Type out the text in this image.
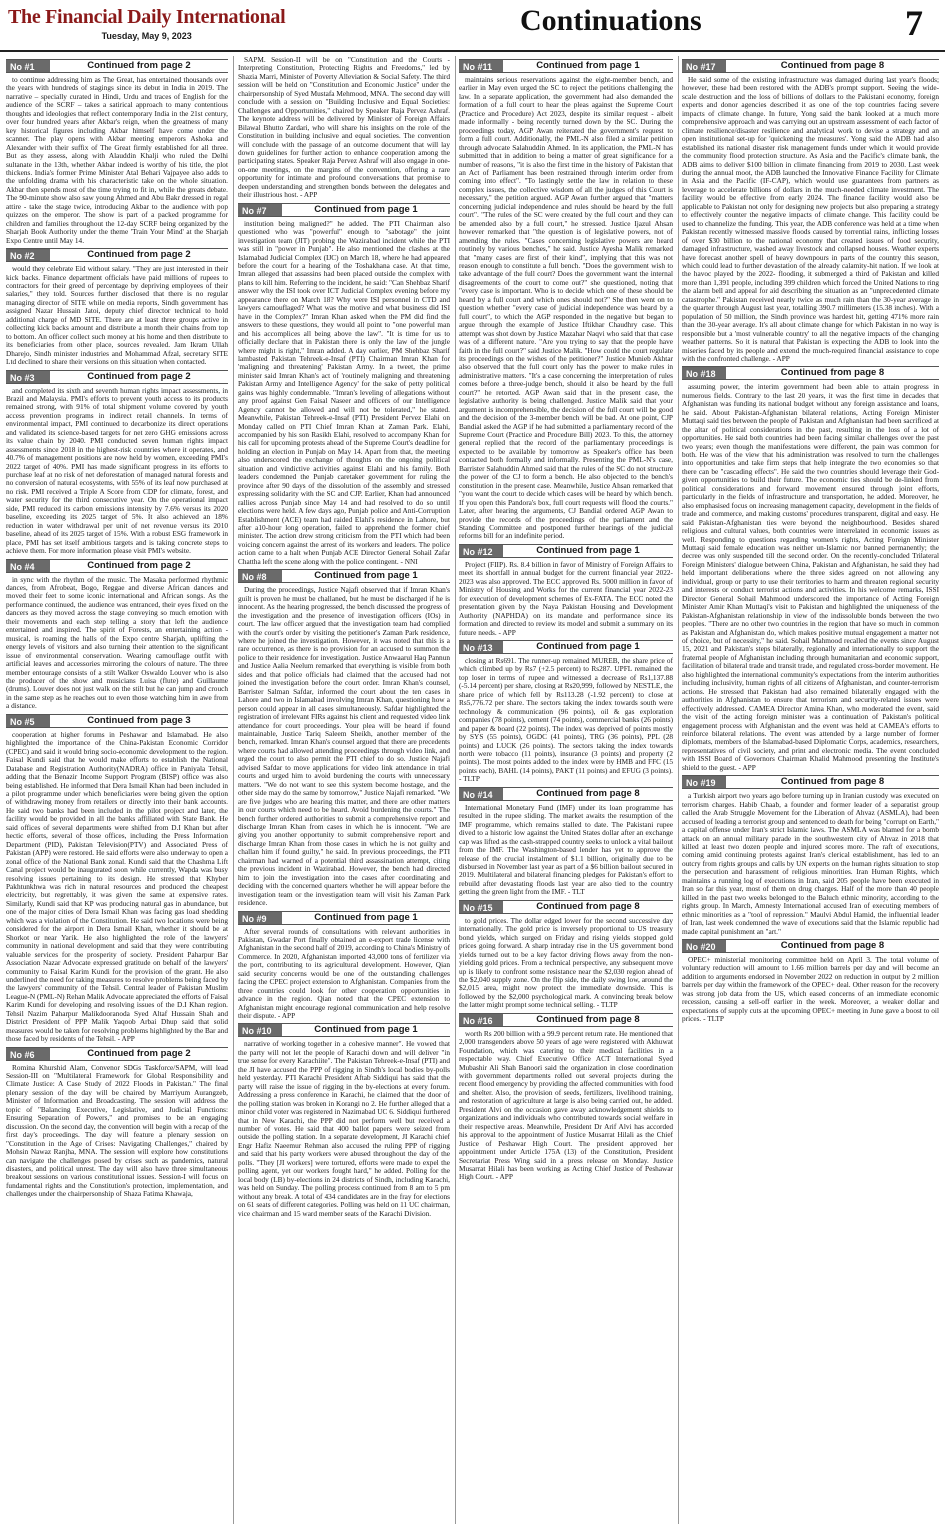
The Financial Daily International
Tuesday, May 9, 2023	Continuations	7
No #1	Continued from page 2

to continue addressing him as The Great, has entertained thousands over the years with hundreds of stagings since its debut in India in 2019. The narrative – specially curated in Hindi, Urdu and traces of English for the audience of the SCRF – takes a satirical approach to many contentious thoughts and ideologies that reflect contemporary India in the 21st century, over four hundred years after Akbar's reign, when the greatness of many key historical figures including Akbar himself have come under the scanner. The play opens with Akbar meeting emperors Ashoka and Alexander with their suffix of The Great firmly established for all three. But as they assess, along with Alauddin Khalji who ruled the Delhi sultanate in the 13th, whether Akbar indeed is worthy of his title, the plot thickens. India's former Prime Minister Atal Behari Vajpayee also adds to the unfolding drama with his characteristic take on the whole situation. Akbar then spends most of the time trying to fit in, while the greats debate. The 90-minute show also saw young Ahmed and Abu Bakr dressed in regal attire - take the stage twice, introducing Akbar to the audience with pop quizzes on the emperor. The show is part of a packed programme for children and families throughout the 12-day SCRF being organized by the Sharjah Book Authority under the theme 'Train Your Mind' at the Sharjah Expo Centre until May 14.

No #2	Continued from page 2

would they celebrate Eid without salary. "They are just interested in their kick backs. Finance department officials have paid millions of rupees to contractors for their greed of percentage by depriving employees of their salaries," they told. Sources further disclosed that there is no regular managing director of SITE while on media reports, Sindh government has assigned Nazar Hussain Jatoi, deputy chief director technical to hold additional charge of MD SITE. There are at least three groups active in collecting kick backs amount and distribute a month their chains from top to bottom. An officer collect such money at his home and then distribute to its beneficiaries from other place, sources revealed. Jam Ikram Ullah Dharejo, Sindh minister industries and Mohammad Afzal, secretary SITE Ltd declined to share their versions on this situation when contacted.

No #3	Continued from page 2

and completed its sixth and seventh human rights impact assessments, in Brazil and Malaysia. PMI's efforts to prevent youth access to its products remained strong, with 91% of total shipment volume covered by youth access prevention programs in indirect retail channels. In terms of environmental impact, PMI continued to decarbonize its direct operations and validated its science-based targets for net zero GHG emissions across its value chain by 2040. PMI conducted seven human rights impact assessments since 2018 in the highest-risk countries where it operates, and 40.7% of management positions are now held by women, exceeding PMI's 2022 target of 40%. PMI has made significant progress in its efforts to purchase leaf at no risk of net deforestation of managed natural forests and no conversion of natural ecosystems, with 55% of its leaf now purchased at no risk. PMI received a Triple A Score from CDP for climate, forest, and water security for the third consecutive year. On the operational impact side, PMI reduced its carbon emissions intensity by 7.6% versus its 2020 baseline, exceeding its 2025 target of 5%. It also achieved an 18% reduction in water withdrawal per unit of net revenue versus its 2010 baseline, ahead of its 2025 target of 15%. With a robust ESG framework in place, PMI has set itself ambitious targets and is taking concrete steps to achieve them. For more information please visit PMI's website.

No #4	Continued from page 2

in sync with the rhythm of the music. The Masaka performed rhythmic dances, from Afrobeat, Bogo, Reggae and diverse African dances and moved their feet to some iconic international and African songs. As the performance continued, the audience was entranced, their eyes fixed on the dancers as they moved across the stage conveying so much emotion with their movements and each step telling a story that left the audience entertained and inspired. The spirit of Forests, an entertaining action - musical, is roaming the halls of the Expo centre Sharjah, uplifting the energy levels of visitors and also turning their attention to the significant issue of environmental conservation. Wearing camouflage outfit with artificial leaves and accessories mirroring the colours of nature. The three member entourage consists of a stilt Walker Oswaldo Louver who is also the producer of the show and musicians Luisa (flute) and Guillaume (drums). Louver does not just walk on the stilt but he can jump and crouch in the same step as he reaches out to even those watching him in awe from a distance.

No #5	Continued from page 3

cooperation at higher forums in Peshawar and Islamabad. He also highlighted the importance of the China-Pakistan Economic Corridor (CPEC) and said it would bring socio-economic development to the region. Faisal Kundi said that he would make efforts to establish the National Database and Registration Authority(NADRA) office in Paniyala Tehsil, adding that the Benazir Income Support Program (BISP) office was also being established. He informed that Dera Ismail Khan had been included in a pilot programme under which beneficiaries were being given the option of withdrawing money from retailers or directly into their bank accounts. He said two banks had been included in the pilot project and later, the facility would be provided in all the banks affiliated with State Bank. He said offices of several departments were shifted from D.I Khan but after hectic efforts, several of those offices, including the Press Information Department (PID), Pakistan Television(PTV) and Associated Press of Pakistan (APP) were restored. He said efforts were also underway to open a zonal office of the National Bank zonal. Kundi said that the Chashma Lift Canal project would be inaugurated soon while currently, Wapda was busy resolving issues pertaining to its design. He stressed that Khyber Pakhtunkhwa was rich in natural resources and produced the cheapest electricity, but regrettably, it was given the same at expensive rates. Similarly, Kundi said that KP was producing natural gas in abundance, but one of the major cities of Dera Ismail Khan was facing gas load shedding which was a violation of the Constitution. He said two locations were being considered for the airport in Dera Ismail Khan, whether it should be at Shorkot or near Yarik. He also highlighted the role of the lawyers' community in national development and said that they were contributing valuable services for the prosperity of society. President Paharpur Bar Association Nazar Advocate expressed gratitude on behalf of the lawyers' community to Faisal Karim Kundi for the provision of the grant. He also underlined the need for taking measures to resolve problems being faced by the lawyers' community of the Tehsil. Central leader of Pakistan Muslim League-N (PML-N) Rehan Malik Advocate appreciated the efforts of Faisal Karim Kundi for developing and resolving issues of the D.I Khan region. Tehsil Nazim Paharpur Malikdooranoda Syed Altaf Hussain Shah and District President of PPP Malik Yaqoob Arbai Dhup said that solid measures would be taken for resolving problems highlighted by the Bar and those faced by residents of the Tehsil. - APP

No #6	Continued from page 2

Romina Khurshid Alam, Convenor SDGs Taskforce/SAPM, will lead Session-III on "Multilateral Framework for Global Responsibility and Climate Justice: A Case Study of 2022 Floods in Pakistan." The final plenary session of the day will be chaired by Marriyum Aurangzeb, Minister of Information and Broadcasting. The session will address the topic of "Balancing Executive, Legislative, and Judicial Functions: Ensuring Separation of Powers," and promises to be an engaging discussion. On the second day, the convention will begin with a recap of the first day's proceedings. The day will feature a plenary session on "Constitution in the Age of Crises: Navigating Challenges," chaired by Mohsin Nawaz Ranjha, MNA. The session will explore how constitutions can navigate the challenges posed by crises such as pandemics, natural disasters, and political unrest. The day will also have three simultaneous breakout sessions on various constitutional issues. Session-I will focus on fundamental rights and the Constitution's protection, implementation, and challenges under the chairpersonship of Shaza Fatima Khawaja,

SAPM. Session-II will be on "Constitution and the Courts - Interpreting Constitution, Protecting Rights and Freedoms," led by Shazia Marri, Minister of Poverty Alleviation & Social Safety. The third session will be held on "Constitution and Economic Justice" under the chairpersonship of Syed Mustafa Mehmood, MNA. The second day will conclude with a session on "Building Inclusive and Equal Societies: Challenges and Opportunities," chaired by Speaker Raja Pervez Ashraf. The keynote address will be delivered by Minister of Foreign Affairs Bilawal Bhutto Zardari, who will share his insights on the role of the Constitution in building inclusive and equal societies. The convention will conclude with the passage of an outcome document that will lay down guidelines for further action to enhance cooperation among the participating states. Speaker Raja Pervez Ashraf will also engage in one-on-one meetings, on the margins of the convention, offering a rare opportunity for intimate and profound conversations that promise to deepen understanding and strengthen bonds between the delegates and their illustrious host. - APP

No #7	Continued from page 1

institution being maligned?" he added. The PTI Chairman also questioned who was "powerful" enough to "sabotage" the joint investigation team (JIT) probing the Wazirabad incident while the PTI was still in "power in Punjab". He also mentioned the clashes at the Islamabad Judicial Complex (IJC) on March 18, where he had appeared before the court for a hearing of the Toshakhana case. At that time, Imran alleged that assassins had been placed outside the complex with plans to kill him. Referring to the incident, he said: "Can Shehbaz Sharif answer why the ISI took over ICT Judicial Complex evening before my appearance there on March 18? Why were ISI personnel in CTD and lawyers camouflaged? What was the motive and what business did ISI have in the Complex?" Imran Khan asked when the PM did find the answers to these questions, they would all point to "one powerful man and his accomplices all being above the law". "It is time for us to officially declare that in Pakistan there is only the law of the jungle where might is right," Imran added. A day earlier, PM Shehbaz Sharif lambasted Pakistan Tehreek-e-Insaf (PTI) Chairman Imran Khan for 'maligning and threatening' Pakistan Army. In a tweet, the prime minister said Imran Khan's act of 'routinely maligning and threatening Pakistan Army and Intelligence Agency' for the sake of petty political gains was highly condemnable. "Imran's leveling of allegations without any proof against Gen Faisal Naseer and officers of our Intelligence Agency cannot be allowed and will not be tolerated," he stated. Meanwhile, Pakistan Tehreek-e-Insaf (PTI) President Pervez Elahi on Monday called on PTI Chief Imran Khan at Zaman Park. Elahi, accompanied by his son Rasikh Elahi, resolved to accompany Khan for his call for upcoming protests ahead of the Supreme Court's deadline for holding an election in Punjab on May 14. Apart from that, the meeting also underscored the exchange of thoughts on the ongoing political situation and vindictive activities against Elahi and his family. Both leaders condemned the Punjab caretaker government for ruling the province after 90 days of the dissolution of the assembly and stressed expressing solidarity with the SC and CJP. Earlier, Khan had announced rallies across Punjab since May 14 and had resolved to do so until elections were held. A few days ago, Punjab police and Anti-Corruption Establishment (ACE) team had raided Elahi's residence in Lahore, but after a10-hour long operation, failed to apprehend the former chief minister. The action drew strong criticism from the PTI which had been voicing concern against the arrest of its workers and leaders. The police action came to a halt when Punjab ACE Director General Sohail Zafar Chattha left the scene along with the police contingent. - NNI

No #8	Continued from page 1

During the proceedings, Justice Najafi observed that if Imran Khan's guilt is proven he must be challaned, but he must be discharged if he is innocent. As the hearing progressed, the bench discussed the progress of the investigation and the presence of investigation officers (IOs) in court. The law officer argued that the investigation team had complied with the court's order by visiting the petitioner's Zaman Park residence, where he joined the investigation. However, it was noted that this is a rare occurrence, as there is no provision for an accused to summon the police to their residence for investigation. Justice Anwaarul Haq Pannun and Justice Aalia Neelum remarked that everything is visible from both sides and that police officials had claimed that the accused had not joined the investigation before the court order. Imran Khan's counsel, Barrister Salman Safdar, informed the court about the ten cases in Lahore and two in Islamabad involving Imran Khan, questioning how a person could appear in all cases simultaneously. Safdar highlighted the registration of irrelevant FIRs against his client and requested video link attendance for court proceedings. Your plea will be heard if found maintainable, Justice Tariq Saleem Sheikh, another member of the bench, remarked. Imran Khan's counsel argued that there are precedents where courts had allowed attending proceedings through video link, and urged the court to also permit the PTI chief to do so. Justice Najafi advised Safdar to move applications for video link attendance in trial courts and urged him to avoid burdening the courts with unnecessary matters. "We do not want to see this system become hostage, and the other side may do the same by tomorrow," Justice Najafi remarked. "We are five judges who are hearing this matter, and there are other matters in our courts which need to be heard. Avoid burdening the courts." The bench further ordered authorities to submit a comprehensive report and discharge Imran Khan from cases in which he is innocent. "We are giving you another opportunity to submit comprehensive report and discharge Imran Khan from those cases in which he is not guilty and challan him if found guilty," he said. In previous proceedings, the PTI chairman had warned of a potential third assassination attempt, citing the previous incident in Wazirabad. However, the bench had directed him to join the investigation into the cases after coordinating and deciding with the concerned quarters whether he will appear before the investigation team or the investigation team will visit his Zaman Park residence.

No #9	Continued from page 1

After several rounds of consultations with relevant authorities in Pakistan, Gwadar Port finally obtained an e-export trade license with Afghanistan in the second half of 2019, according to China's Ministry of Commerce. In 2020, Afghanistan imported 43,000 tons of fertilizer via the port, contributing to its agricultural development. However, Qian said security concerns would be one of the outstanding challenges facing the CPEC project extension to Afghanistan. Companies from the three countries could look for other cooperation opportunities in advance in the region. Qian noted that the CPEC extension to Afghanistan might encourage regional communication and help resolve their dispute. - APP

No #10	Continued from page 1

narrative of working together in a cohesive manner". He vowed that the party will not let the people of Karachi down and will deliver "in true sense for every Karachiite". The Pakistan Tehreek-e-Insaf (PTI) and the JI have accused the PPP of rigging in Sindh's local bodies by-polls held yesterday. PTI Karachi President Aftab Siddiqui has said that the party will raise the issue of rigging in the by-elections at every forum. Addressing a press conference in Karachi, he claimed that the door of the polling station was broken in Korangi no 2. He further alleged that a minor child voter was registered in Nazimabad UC 6. Siddiqui furthered that in New Karachi, the PPP did not perform well but received a number of votes. He said that 400 ballot papers were seized from outside the polling station. In a separate development, JI Karachi chief Engr Hafiz Naeemur Rehman also accused the ruling PPP of rigging and said that his party workers were abused throughout the day of the polls. "They [JI workers] were tortured, efforts were made to expel the polling agent, yet our workers fought hard," he added. Polling for the local body (LB) by-elections in 24 districts of Sindh, including Karachi, was held on Sunday. The polling process continued from 8 am to 5 pm without any break. A total of 434 candidates are in the fray for elections on 61 seats of different categories. Polling was held on 11 UC chairman, vice chairman and 15 ward member seats of the Karachi Division.

No #11	Continued from page 1

maintains serious reservations against the eight-member bench, and earlier in May even urged the SC to reject the petitions challenging the law. In a separate application, the government had also demanded the formation of a full court to hear the pleas against the Supreme Court (Practice and Procedure) Act 2023, despite its similar request - albeit made informally - being recently turned down by the SC. During the proceedings today, AGP Awan reiterated the government's request to form a full court. Additionally, the PML-N also filed a similar petition through advocate Salahuddin Ahmed. In its application, the PML-N has submitted that in addition to being a matter of great significance for a number of reasons, "it is also the first time in the history of Pakistan that an Act of Parliament has been restrained through interim order from coming into effect". "To lastingly settle the law in relation to these complex issues, the collective wisdom of all the judges of this Court is necessary," the petition argued. AGP Awan further argued that "matters concerning judicial independence and rules should be heard by the full court". "The rules of the SC were created by the full court and they can be amended also by a full court," he stressed. Justice Ijazul Ahsan however remarked that "the question is of legislative powers, not of amending the rules. "Cases concerning legislative powers are heard routinely by various benches," he said. Justice Ayesha Malik remarked that "many cases are first of their kind", implying that this was not reason enough to constitute a full bench. "Does the government wish to take advantage of the full court? Does the government want the internal disagreements of the court to come out?" she questioned, noting that "every case is important. Who is to decide which one of these should be heard by a full court and which ones should not?" She then went on to question whether "every case of judicial independence was heard by a full court", to which the AGP responded in the negative but began to argue through the example of Justice Iftikhar Chaudhry case. This attempt was shot down by Justice Mazahar Naqvi who said that that case was of a different nature. "Are you trying to say that the people have faith in the full court?" said Justice Malik. "How could the court regulate its proceedings on the wishes of the petitioner?" Justice Munieb Akhtar also observed that the full court only has the power to make rules in administrative matters. "It's a case concerning the interpretation of rules comes before a three-judge bench, should it also be heard by the full court?" he retorted. AGP Awan said that in the present case, the legislative authority is being challenged. Justice Malik said that your argument is incomprehensible, the decision of the full court will be good and the decision of the 3-member bench will be bad. At one point, CJP Bandial asked the AGP if he had submitted a parliamentary record of the Supreme Court (Practice and Procedure Bill) 2023. To this, the attorney general replied that the record of the parliamentary proceedings is expected to be available by tomorrow as Speaker's office has been contacted both formally and informally. Presenting the PML-N's case, Barrister Salahuddin Ahmed said that the rules of the SC do not structure the power of the CJ to form a bench. He also objected to the bench's constitution in the present case. Meanwhile, Justice Ahsan remarked that "you want the court to decide which cases will be heard by which bench. If you open this Pandora's box, full court requests will flood the courts." Later, after hearing the arguments, CJ Bandial ordered AGP Awan to provide the records of the proceedings of the parliament and the Standing Committee and postponed further hearings of the judicial reforms bill for an indefinite period.

No #12	Continued from page 1

Project (FIIP). Rs. 8.4 billion in favor of Ministry of Foreign Affairs to meet its shortfall in annual budget for the current financial year 2022-2023 was also approved. The ECC approved Rs. 5000 million in favor of Ministry of Housing and Works for the current financial year 2022-23 for execution of development schemes of Ex-FATA. The ECC noted the presentation given by the Naya Pakistan Housing and Development Authority (NAPHDA) on its mandate and performance since its formation and directed to review its model and submit a summary on its future needs. - APP

No #13	Continued from page 1

closing at Rs691. The runner-up remained MUREB, the share price of which climbed up by Rs7 (+2.5 percent) to Rs287. UPFL remained the top loser in terms of rupee and witnessed a decrease of Rs1,137.88 (-5.14 percent) per share, closing at Rs20,999, followed by NESTLE, the share price of which fell by Rs113.28 (-1.92 percent) to close at Rs5,776.72 per share. The sectors taking the index towards south were technology & communication (96 points), oil & gas exploration companies (78 points), cement (74 points), commercial banks (26 points) and paper & board (22 points). The index was deprived of points mostly by SYS (55 points), OGDC (41 points), TRG (36 points), PPL (28 points) and LUCK (26 points). The sectors taking the index towards north were tobacco (11 points), insurance (3 points) and property (2 points). The most points added to the index were by HMB and FFC (15 points each), BAHL (14 points), PAKT (11 points) and EFUG (3 points). - TLTP

No #14	Continued from page 8

International Monetary Fund (IMF) under its loan programme has resulted in the rupee sliding. The market awaits the resumption of the IMF programme, which remains stalled to date. The Pakistani rupee dived to a historic low against the United States dollar after an exchange cap was lifted as the cash-strapped country seeks to unlock a vital bailout from the IMF. The Washington-based lender has yet to approve the release of the crucial instalment of $1.1 billion, originally due to be disbursed in November last year as part of a $6 billion bailout secured in 2019. Multilateral and bilateral financing pledges for Pakistan's effort to rebuild after devastating floods last year are also tied to the country getting the green light from the IMF. - TLT

No #15	Continued from page 8

to gold prices. The dollar edged lower for the second successive day internationally. The gold price is inversely proportional to US treasury bond yields, which surged on Friday and rising yields stopped gold prices going forward. A sharp intraday rise in the US government bond yields turned out to be a key factor driving flows away from the non-yielding gold prices. From a technical perspective, any subsequent move up is likely to confront some resistance near the $2,030 region ahead of the $2,040 supply zone. On the flip side, the daily swing low, around the $2,015 area, might now protect the immediate downside. This is followed by the $2,000 psychological mark. A convincing break below the latter might prompt some technical selling. - TLTP

No #16	Continued from page 8

worth Rs 200 billion with a 99.9 percent return rate. He mentioned that 2,000 transgenders above 50 years of age were registered with Akhuwat Foundation, which was catering to their medical facilities in a respectable way. Chief Executive Office ACT International Syed Mubashir Ali Shah Banoori said the organization in close coordination with government departments rolled out several projects during the recent flood emergency by providing the affected communities with food and shelter. Also, the provision of seeds, fertilizers, livelihood training, and restoration of agriculture at large is also being carried out, he added. President Alvi on the occasion gave away acknowledgement shields to organizations and individuals who contributed towards social welfare in their respective areas. Meanwhile, President Dr Arif Alvi has accorded his approval to the appointment of Justice Musarrat Hilali as the Chief Justice of Peshawar High Court. The president approved her appointment under Article 175A (13) of the Constitution, President Secretariat Press Wing said in a press release on Monday. Justice Musarrat Hilali has been working as Acting Chief Justice of Peshawar High Court. - APP

No #17	Continued from page 8

He said some of the existing infrastructure was damaged during last year's floods; however, these had been restored with the ADB's prompt support. Seeing the wide-scale destruction and the loss of billions of dollars to the Pakistani economy, foreign experts and donor agencies described it as one of the top countries facing severe impacts of climate change. In future, Yong said the bank looked at a much more comprehensive approach and was carrying out an upstream assessment of each factor of climate resilience/disaster resilience and analytical work to devise a strategy and an open institutional set-up for 'quickening the measures'. Yong said the ADB had also established its national disaster risk management funds under which it would provide the community flood protection structure. As Asia and the Pacific's climate bank, the ADB aims to deliver $100 billion in climate financing from 2019 to 2030. Last week during the annual moot, the ADB launched the Innovative Finance Facility for Climate in Asia and the Pacific (IF-CAP), which would use guarantees from partners as leverage to accelerate billions of dollars in the much-needed climate investment. The facility would be effective from early 2024. The finance facility would also be applicable to Pakistan not only for designing new projects but also preparing a strategy to effectively counter the negative impacts of climate change. This facility could be used to channelize the funding. This year, the ADB conference was held at a time when Pakistan recently witnessed massive floods caused by torrential rains, inflicting losses of over $30 billion to the national economy that created issues of food security, damaged infrastructure, washed away livestock and collapsed houses. Weather experts have forecast another spell of heavy downpours in parts of the country this season, which could lead to further devastation of the already calamity-hit nation. If we look at the havoc played by the 2022- flooding, it submerged a third of Pakistan and killed more than 1,391 people, including 399 children which forced the United Nations to ring the alarm bell and appeal for aid describing the situation as an "unprecedented climate catastrophe." Pakistan received nearly twice as much rain than the 30-year average in the quarter through August last year, totalling 390.7 millimeters (15.38 inches). With a population of 50 million, the Sindh province was hardest hit, getting 471% more rain than the 30-year average. It's all about climate change for which Pakistan in no way is responsible but a 'most vulnerable country' to all the negative impacts of the changing weather patterns. So it is natural that Pakistan is expecting the ADB to look into the miseries faced by its people and extend the much-required financial assistance to cope with the confronted challenge. - APP

No #18	Continued from page 8

assuming power, the interim government had been able to attain progress in numerous fields. Contrary to the last 20 years, it was the first time in decades that Afghanistan was funding its national budget without any foreign assistance and loans, he said. About Pakistan-Afghanistan bilateral relations, Acting Foreign Minister Muttaqi said ties between the people of Pakistan and Afghanistan had been sacrificed at the altar of political considerations in the past, resulting in the loss of a lot of opportunities. He said both countries had been facing similar challenges over the past two years; even though the manifestations were different, the pain was common for both. He was of the view that his administration was resolved to turn the challenges into opportunities and take firm steps that help integrate the two economies so that there can be "cascading effects". He said the two countries should leverage their God-given opportunities to build their future. The economic ties should be de-linked from political considerations and forward movement ensured through joint efforts, particularly in the fields of infrastructure and transportation, he added. Moreover, he also emphasised focus on increasing management capacity, development in the fields of trade and commerce, and making customs' procedures transparent, digital and easy. He said Pakistan-Afghanistan ties were beyond the neighbourhood. Besides shared religious and cultural values, both countries were interrelated in economic issues as well. Responding to questions regarding women's rights, Acting Foreign Minister Muttaqi said female education was neither un-Islamic nor banned permanently; the decree was only suspended till the second order. On the recently-concluded Trilateral Foreign Ministers' dialogue between China, Pakistan and Afghanistan, he said they had held important deliberations where the three sides agreed on not allowing any individual, group or party to use their territories to harm and threaten regional security and interests or conduct terrorist actions and activities. In his welcome remarks, ISSI Director General Sohail Mahmood underscored the importance of Acting Foreign Minister Amir Khan Muttaqi's visit to Pakistan and highlighted the uniqueness of the Pakistan-Afghanistan relationship in view of the indissoluble bonds between the two peoples. "There are no other two countries in the region that have so much in common as Pakistan and Afghanistan do, which makes positive mutual engagement a matter not of choice, but of necessity," he said. Sohail Mahmood recalled the events since August 15, 2021 and Pakistan's steps bilaterally, regionally and internationally to support the fraternal people of Afghanistan including through humanitarian and economic support, facilitation of bilateral trade and transit trade, and regulated cross-border movement. He also highlighted the international community's expectations from the interim authorities including inclusivity, human rights of all citizens of Afghanistan, and counter-terrorism actions. He stressed that Pakistan had also remained bilaterally engaged with the authorities in Afghanistan to ensure that terrorism and security-related issues were effectively addressed. CAMEA Director Amina Khan, who moderated the event, said the visit of the acting foreign minister was a continuation of Pakistan's political engagement process with Afghanistan and the event was held at CAMEA's efforts to reinforce bilateral relations. The event was attended by a large number of former diplomats, members of the Islamabad-based Diplomatic Corps, academics, researchers, representatives of civil society, and print and electronic media. The event concluded with ISSI Board of Governors Chairman Khalid Mahmood presenting the Institute's shield to the guest. - APP

No #19	Continued from page 8

a Turkish airport two years ago before turning up in Iranian custody was executed on terrorism charges. Habib Chaab, a founder and former leader of a separatist group called the Arab Struggle Movement for the Liberation of Ahvaz (ASMLA), had been accused of leading a terrorist group and sentenced to death for being "corrupt on Earth," a capital offense under Iran's strict Islamic laws. The ASMLA was blamed for a bomb attack on an annual military parade in the southwestern city of Ahvaz in 2018 that killed at least two dozen people and injured scores more. The raft of executions, coming amid continuing protests against Iran's clerical establishment, has led to an outcry from rights groups and calls by UN experts on the human rights situation to stop the persecution and harassment of religious minorities. Iran Human Rights, which maintains a running log of executions in Iran, said 205 people have been executed in Iran so far this year, most of them on drug charges. Half of the more than 40 people killed in the past two weeks belonged to the Baluch ethnic minority, according to the rights group. In March, Amnesty International accused Iran of executing members of ethnic minorities as a "tool of repression." Maulvi Abdul Hamid, the influential leader of Iran, last week condemned the wave of executions said that the Islamic republic had made capital punishment an "art."

No #20	Continued from page 8

OPEC+ ministerial monitoring committee held on April 3. The total volume of voluntary reduction will amount to 1.66 million barrels per day and will become an addition to arguments endorsed in November 2022 on reduction in output by 2 million barrels per day within the framework of the OPEC+ deal. Other reason for the recovery was strong job data from the US, which eased concerns of an immediate economic recession, causing a sell-off earlier in the week. Moreover, a weaker dollar and expectations of supply cuts at the upcoming OPEC+ meeting in June gave a boost to oil prices. - TLTP
